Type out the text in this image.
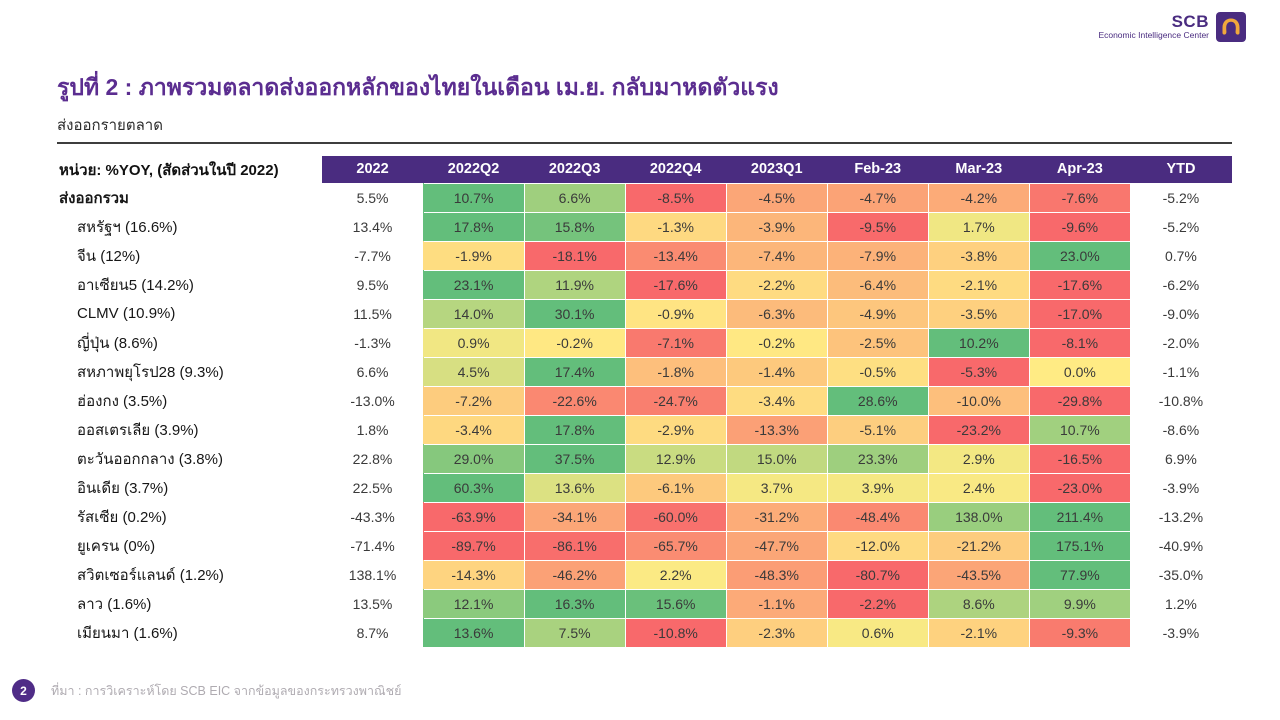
SCB
Economic Intelligence Center
รูปที่ 2 : ภาพรวมตลาดส่งออกหลักของไทยในเดือน เม.ย. กลับมาหดตัวแรง
ส่งออกรายตลาด
หน่วย: %YOY, (สัดส่วนในปี 2022)	2022	2022Q2	2022Q3	2022Q4	2023Q1	Feb-23	Mar-23	Apr-23	YTD
ส่งออกรวม	5.5%	10.7%	6.6%	-8.5%	-4.5%	-4.7%	-4.2%	-7.6%	-5.2%
สหรัฐฯ (16.6%)	13.4%	17.8%	15.8%	-1.3%	-3.9%	-9.5%	1.7%	-9.6%	-5.2%
จีน (12%)	-7.7%	-1.9%	-18.1%	-13.4%	-7.4%	-7.9%	-3.8%	23.0%	0.7%
อาเซียน5 (14.2%)	9.5%	23.1%	11.9%	-17.6%	-2.2%	-6.4%	-2.1%	-17.6%	-6.2%
CLMV (10.9%)	11.5%	14.0%	30.1%	-0.9%	-6.3%	-4.9%	-3.5%	-17.0%	-9.0%
ญี่ปุ่น (8.6%)	-1.3%	0.9%	-0.2%	-7.1%	-0.2%	-2.5%	10.2%	-8.1%	-2.0%
สหภาพยุโรป28 (9.3%)	6.6%	4.5%	17.4%	-1.8%	-1.4%	-0.5%	-5.3%	0.0%	-1.1%
ฮ่องกง (3.5%)	-13.0%	-7.2%	-22.6%	-24.7%	-3.4%	28.6%	-10.0%	-29.8%	-10.8%
ออสเตรเลีย (3.9%)	1.8%	-3.4%	17.8%	-2.9%	-13.3%	-5.1%	-23.2%	10.7%	-8.6%
ตะวันออกกลาง (3.8%)	22.8%	29.0%	37.5%	12.9%	15.0%	23.3%	2.9%	-16.5%	6.9%
อินเดีย (3.7%)	22.5%	60.3%	13.6%	-6.1%	3.7%	3.9%	2.4%	-23.0%	-3.9%
รัสเซีย (0.2%)	-43.3%	-63.9%	-34.1%	-60.0%	-31.2%	-48.4%	138.0%	211.4%	-13.2%
ยูเครน (0%)	-71.4%	-89.7%	-86.1%	-65.7%	-47.7%	-12.0%	-21.2%	175.1%	-40.9%
สวิตเซอร์แลนด์ (1.2%)	138.1%	-14.3%	-46.2%	2.2%	-48.3%	-80.7%	-43.5%	77.9%	-35.0%
ลาว (1.6%)	13.5%	12.1%	16.3%	15.6%	-1.1%	-2.2%	8.6%	9.9%	1.2%
เมียนมา (1.6%)	8.7%	13.6%	7.5%	-10.8%	-2.3%	0.6%	-2.1%	-9.3%	-3.9%
2	ที่มา : การวิเคราะห์โดย SCB EIC จากข้อมูลของกระทรวงพาณิชย์
